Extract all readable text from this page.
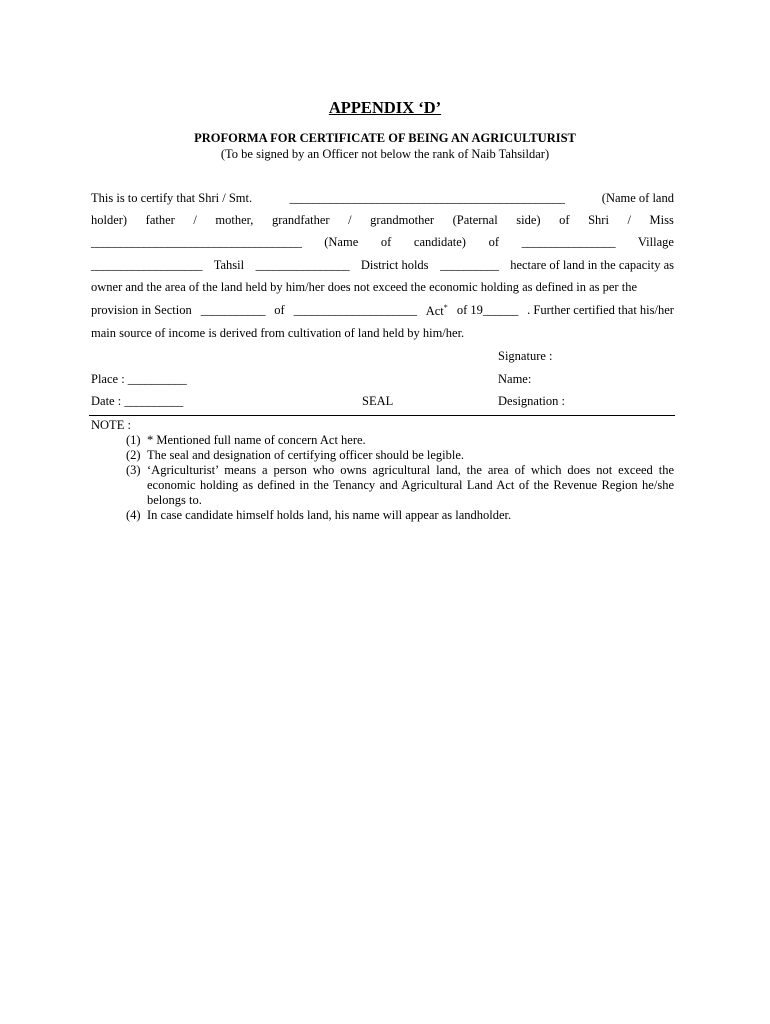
APPENDIX ‘D’
PROFORMA FOR CERTIFICATE OF BEING AN AGRICULTURIST
(To be signed by an Officer not below the rank of Naib Tahsildar)
This is to certify that Shri / Smt.	_______________________________________________	(Name of land
holder) father / mother, grandfather / grandmother (Paternal side) of Shri / Miss
____________________________________ (Name of candidate) of ________________ Village
___________________ Tahsil ________________ District holds __________ hectare of land in the capacity as
owner and the area of the land held by him/her does not exceed the economic holding as defined in as per the
provision in Section ___________ of _____________________ Act* of 19______ . Further certified that his/her
main source of income is derived from cultivation of land held by him/her.
Signature :
Name:
Designation :
Place : __________
Date : __________	SEAL
NOTE :
(1) * Mentioned full name of concern Act here.
(2) The seal and designation of certifying officer should be legible.
(3) ‘Agriculturist’ means a person who owns agricultural land, the area of which does not exceed the economic holding as defined in the Tenancy and Agricultural Land Act of the Revenue Region he/she belongs to.
(4) In case candidate himself holds land, his name will appear as landholder.
